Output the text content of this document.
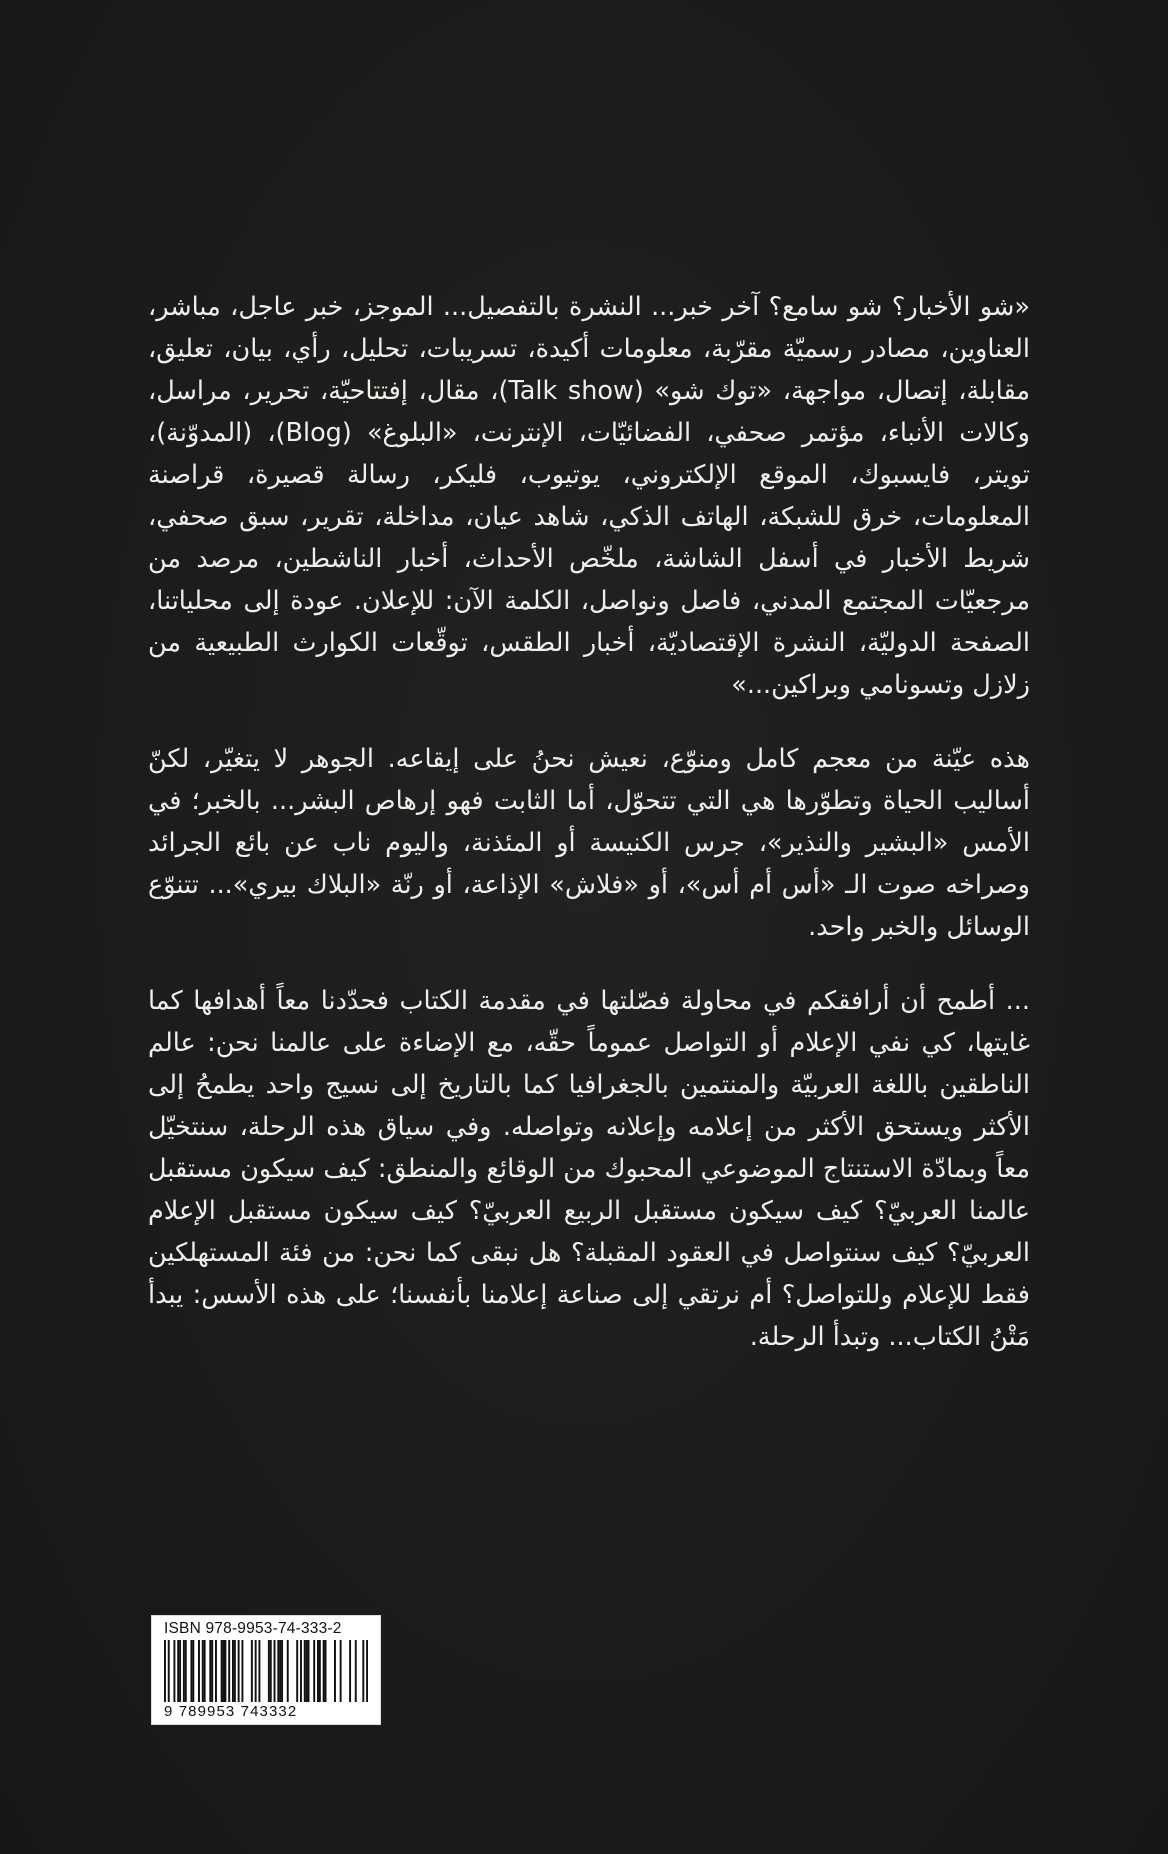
«شو الأخبار؟ شو سامع؟ آخر خبر... النشرة بالتفصيل... الموجز، خبر عاجل، مباشر، العناوين، مصادر رسميّة مقرّبة، معلومات أكيدة، تسريبات، تحليل، رأي، بيان، تعليق، مقابلة، إتصال، مواجهة، «توك شو» (Talk show)، مقال، إفتتاحيّة، تحرير، مراسل، وكالات الأنباء، مؤتمر صحفي، الفضائيّات، الإنترنت، «البلوغ» (Blog)، (المدوّنة)، تويتر، فايسبوك، الموقع الإلكتروني، يوتيوب، فليكر، رسالة قصيرة، قراصنة المعلومات، خرق للشبكة، الهاتف الذكي، شاهد عيان، مداخلة، تقرير، سبق صحفي، شريط الأخبار في أسفل الشاشة، ملخّص الأحداث، أخبار الناشطين، مرصد من مرجعيّات المجتمع المدني، فاصل ونواصل، الكلمة الآن: للإعلان. عودة إلى محلياتنا، الصفحة الدوليّة، النشرة الإقتصاديّة، أخبار الطقس، توقّعات الكوارث الطبيعية من زلازل وتسونامي وبراكين...»

هذه عيّنة من معجم كامل ومنوّع، نعيش نحنُ على إيقاعه. الجوهر لا يتغيّر، لكنّ أساليب الحياة وتطوّرها هي التي تتحوّل، أما الثابت فهو إرهاص البشر... بالخبر؛ في الأمس «البشير والنذير»، جرس الكنيسة أو المئذنة، واليوم ناب عن بائع الجرائد وصراخه صوت الـ «أس أم أس»، أو «فلاش» الإذاعة، أو رنّة «البلاك بيري»... تتنوّع الوسائل والخبر واحد.

... أطمح أن أرافقكم في محاولة فصّلتها في مقدمة الكتاب فحدّدنا معاً أهدافها كما غايتها، كي نفي الإعلام أو التواصل عموماً حقّه، مع الإضاءة على عالمنا نحن: عالم الناطقين باللغة العربيّة والمنتمين بالجغرافيا كما بالتاريخ إلى نسيج واحد يطمحُ إلى الأكثر ويستحق الأكثر من إعلامه وإعلانه وتواصله. وفي سياق هذه الرحلة، سنتخيّل معاً وبمادّة الاستنتاج الموضوعي المحبوك من الوقائع والمنطق: كيف سيكون مستقبل عالمنا العربيّ؟ كيف سيكون مستقبل الربيع العربيّ؟ كيف سيكون مستقبل الإعلام العربيّ؟ كيف سنتواصل في العقود المقبلة؟ هل نبقى كما نحن: من فئة المستهلكين فقط للإعلام وللتواصل؟ أم نرتقي إلى صناعة إعلامنا بأنفسنا؛ على هذه الأسس: يبدأ مَتْنُ الكتاب... وتبدأ الرحلة.

ISBN 978-9953-74-333-2
9 789953 743332
